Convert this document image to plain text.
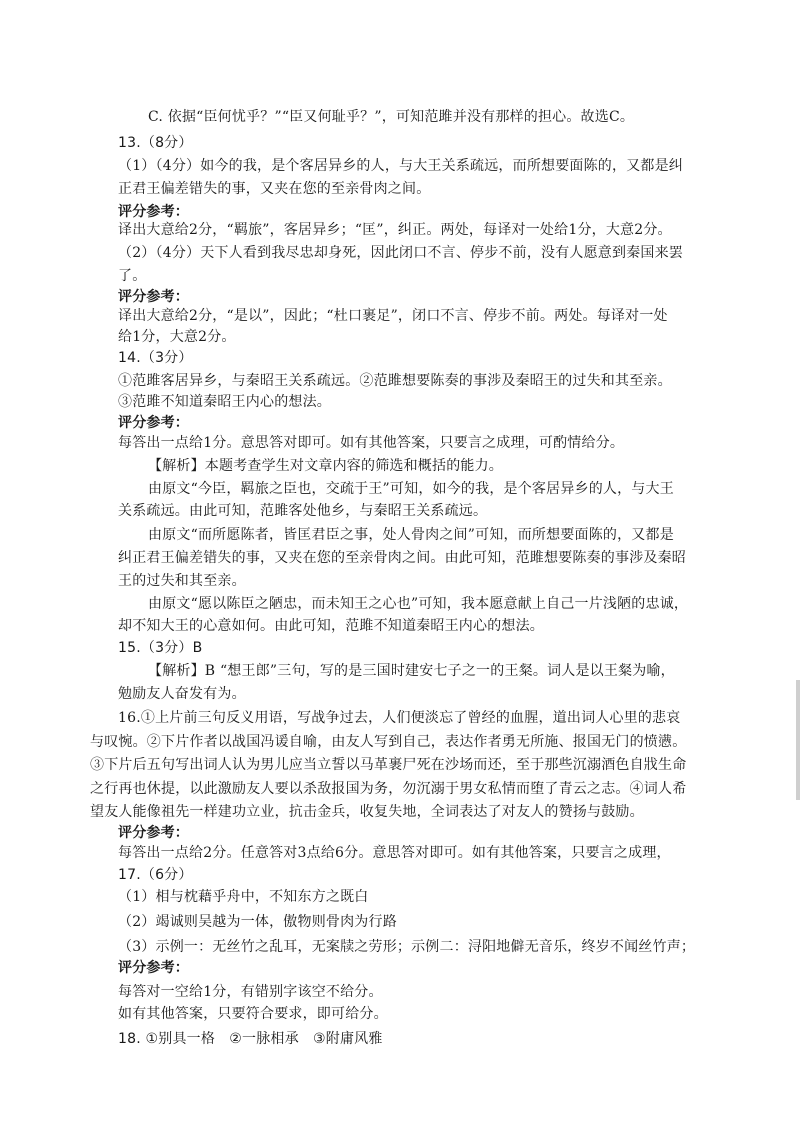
C. 依据“臣何忧乎？”“臣又何耻乎？”，可知范雎并没有那样的担心。故选C。
13.（8分）
（1）（4分）如今的我，是个客居异乡的人，与大王关系疏远，而所想要面陈的，又都是纠
正君王偏差错失的事，又夹在您的至亲骨肉之间。
评分参考：
译出大意给2分，“羁旅”，客居异乡；“匡”，纠正。两处，每译对一处给1分，大意2分。
（2）（4分）天下人看到我尽忠却身死，因此闭口不言、停步不前，没有人愿意到秦国来罢
了。
评分参考：
译出大意给2分，“是以”，因此；“杜口裹足”，闭口不言、停步不前。两处。每译对一处
给1分，大意2分。
14.（3分）
①范雎客居异乡，与秦昭王关系疏远。②范雎想要陈奏的事涉及秦昭王的过失和其至亲。
③范雎不知道秦昭王内心的想法。
评分参考：
每答出一点给1分。意思答对即可。如有其他答案，只要言之成理，可酌情给分。
【解析】本题考查学生对文章内容的筛选和概括的能力。
由原文“今臣，羁旅之臣也，交疏于王”可知，如今的我，是个客居异乡的人，与大王
关系疏远。由此可知，范雎客处他乡，与秦昭王关系疏远。
由原文“而所愿陈者，皆匡君臣之事，处人骨肉之间”可知，而所想要面陈的，又都是
纠正君王偏差错失的事，又夹在您的至亲骨肉之间。由此可知，范雎想要陈奏的事涉及秦昭
王的过失和其至亲。
由原文“愿以陈臣之陋忠，而未知王之心也”可知，我本愿意献上自己一片浅陋的忠诚，
却不知大王的心意如何。由此可知，范雎不知道秦昭王内心的想法。
15.（3分）B
【解析】B “想王郎”三句，写的是三国时建安七子之一的王粲。词人是以王粲为喻，
勉励友人奋发有为。
16.①上片前三句反义用语，写战争过去，人们便淡忘了曾经的血腥，道出词人心里的悲哀
与叹惋。②下片作者以战国冯谖自喻，由友人写到自己，表达作者勇无所施、报国无门的愤懑。
③下片后五句写出词人认为男儿应当立誓以马革裹尸死在沙场而还，至于那些沉溺酒色自戕生命
之行再也休提，以此激励友人要以杀敌报国为务，勿沉溺于男女私情而堕了青云之志。④词人希
望友人能像祖先一样建功立业，抗击金兵，收复失地，全词表达了对友人的赞扬与鼓励。
评分参考：
每答出一点给2分。任意答对3点给6分。意思答对即可。如有其他答案，只要言之成理，
17.（6分）
（1）相与枕藉乎舟中，不知东方之既白
（2）竭诚则吴越为一体，傲物则骨肉为行路
（3）示例一：无丝竹之乱耳，无案牍之劳形；示例二：浔阳地僻无音乐，终岁不闻丝竹声；
评分参考：
每答对一空给1分，有错别字该空不给分。
如有其他答案，只要符合要求，即可给分。
18. ①别具一格　②一脉相承　③附庸风雅
